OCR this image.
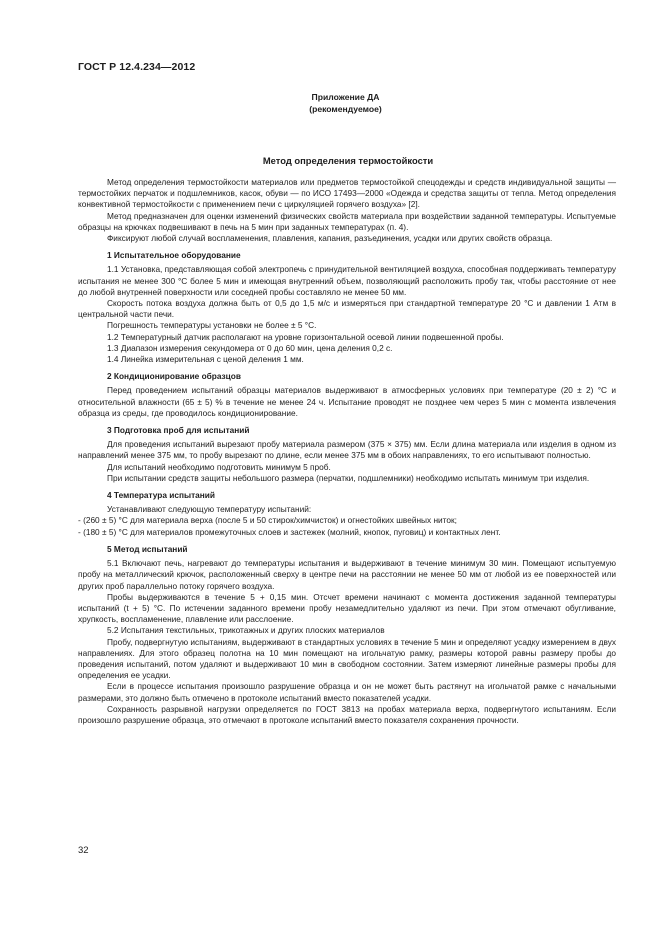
ГОСТ Р 12.4.234—2012
Приложение ДА
(рекомендуемое)
Метод определения термостойкости

Метод определения термостойкости материалов или предметов термостойкой спецодежды и средств индивидуальной защиты — термостойких перчаток и подшлемников, касок, обуви — по ИСО 17493—2000 «Одежда и средства защиты от тепла. Метод определения конвективной термостойкости с применением печи с циркуляцией горячего воздуха» [2].

Метод предназначен для оценки изменений физических свойств материала при воздействии заданной температуры. Испытуемые образцы на крючках подвешивают в печь на 5 мин при заданных температурах (п. 4).

Фиксируют любой случай воспламенения, плавления, капания, разъединения, усадки или других свойств образца.

1 Испытательное оборудование

1.1 Установка, представляющая собой электропечь с принудительной вентиляцией воздуха, способная поддерживать температуру испытания не менее 300 °С более 5 мин и имеющая внутренний объем, позволяющий расположить пробу так, чтобы расстояние от нее до любой внутренней поверхности или соседней пробы составляло не менее 50 мм.

Скорость потока воздуха должна быть от 0,5 до 1,5 м/с и измеряться при стандартной температуре 20 °С и давлении 1 Атм в центральной части печи.

Погрешность температуры установки не более ± 5 °С.

1.2 Температурный датчик располагают на уровне горизонтальной осевой линии подвешенной пробы.

1.3 Диапазон измерения секундомера от 0 до 60 мин, цена деления 0,2 с.

1.4 Линейка измерительная с ценой деления 1 мм.

2 Кондиционирование образцов

Перед проведением испытаний образцы материалов выдерживают в атмосферных условиях при температуре (20 ± 2) °С и относительной влажности (65 ± 5) % в течение не менее 24 ч. Испытание проводят не позднее чем через 5 мин с момента извлечения образца из среды, где проводилось кондиционирование.

3 Подготовка проб для испытаний

Для проведения испытаний вырезают пробу материала размером (375 × 375) мм. Если длина материала или изделия в одном из направлений менее 375 мм, то пробу вырезают по длине, если менее 375 мм в обоих направлениях, то его испытывают полностью.

Для испытаний необходимо подготовить минимум 5 проб.

При испытании средств защиты небольшого размера (перчатки, подшлемники) необходимо испытать минимум три изделия.

4 Температура испытаний

Устанавливают следующую температуру испытаний:

- (260 ± 5) °С для материала верха (после 5 и 50 стирок/химчисток) и огнестойких швейных ниток;

- (180 ± 5) °С для материалов промежуточных слоев и застежек (молний, кнопок, пуговиц) и контактных лент.

5 Метод испытаний

5.1 Включают печь, нагревают до температуры испытания и выдерживают в течение минимум 30 мин. Помещают испытуемую пробу на металлический крючок, расположенный сверху в центре печи на расстоянии не менее 50 мм от любой из ее поверхностей или других проб параллельно потоку горячего воздуха.

Пробы выдерживаются в течение 5 + 0,15 мин. Отсчет времени начинают с момента достижения заданной температуры испытаний (t + 5) °С. По истечении заданного времени пробу незамедлительно удаляют из печи. При этом отмечают обугливание, хрупкость, воспламенение, плавление или расслоение.

5.2 Испытания текстильных, трикотажных и других плоских материалов

Пробу, подвергнутую испытаниям, выдерживают в стандартных условиях в течение 5 мин и определяют усадку измерением в двух направлениях. Для этого образец полотна на 10 мин помещают на игольчатую рамку, размеры которой равны размеру пробы до проведения испытаний, потом удаляют и выдерживают 10 мин в свободном состоянии. Затем измеряют линейные размеры пробы для определения ее усадки.

Если в процессе испытания произошло разрушение образца и он не может быть растянут на игольчатой рамке с начальными размерами, это должно быть отмечено в протоколе испытаний вместо показателей усадки.

Сохранность разрывной нагрузки определяется по ГОСТ 3813 на пробах материала верха, подвергнутого испытаниям. Если произошло разрушение образца, это отмечают в протоколе испытаний вместо показателя сохранения прочности.

32
